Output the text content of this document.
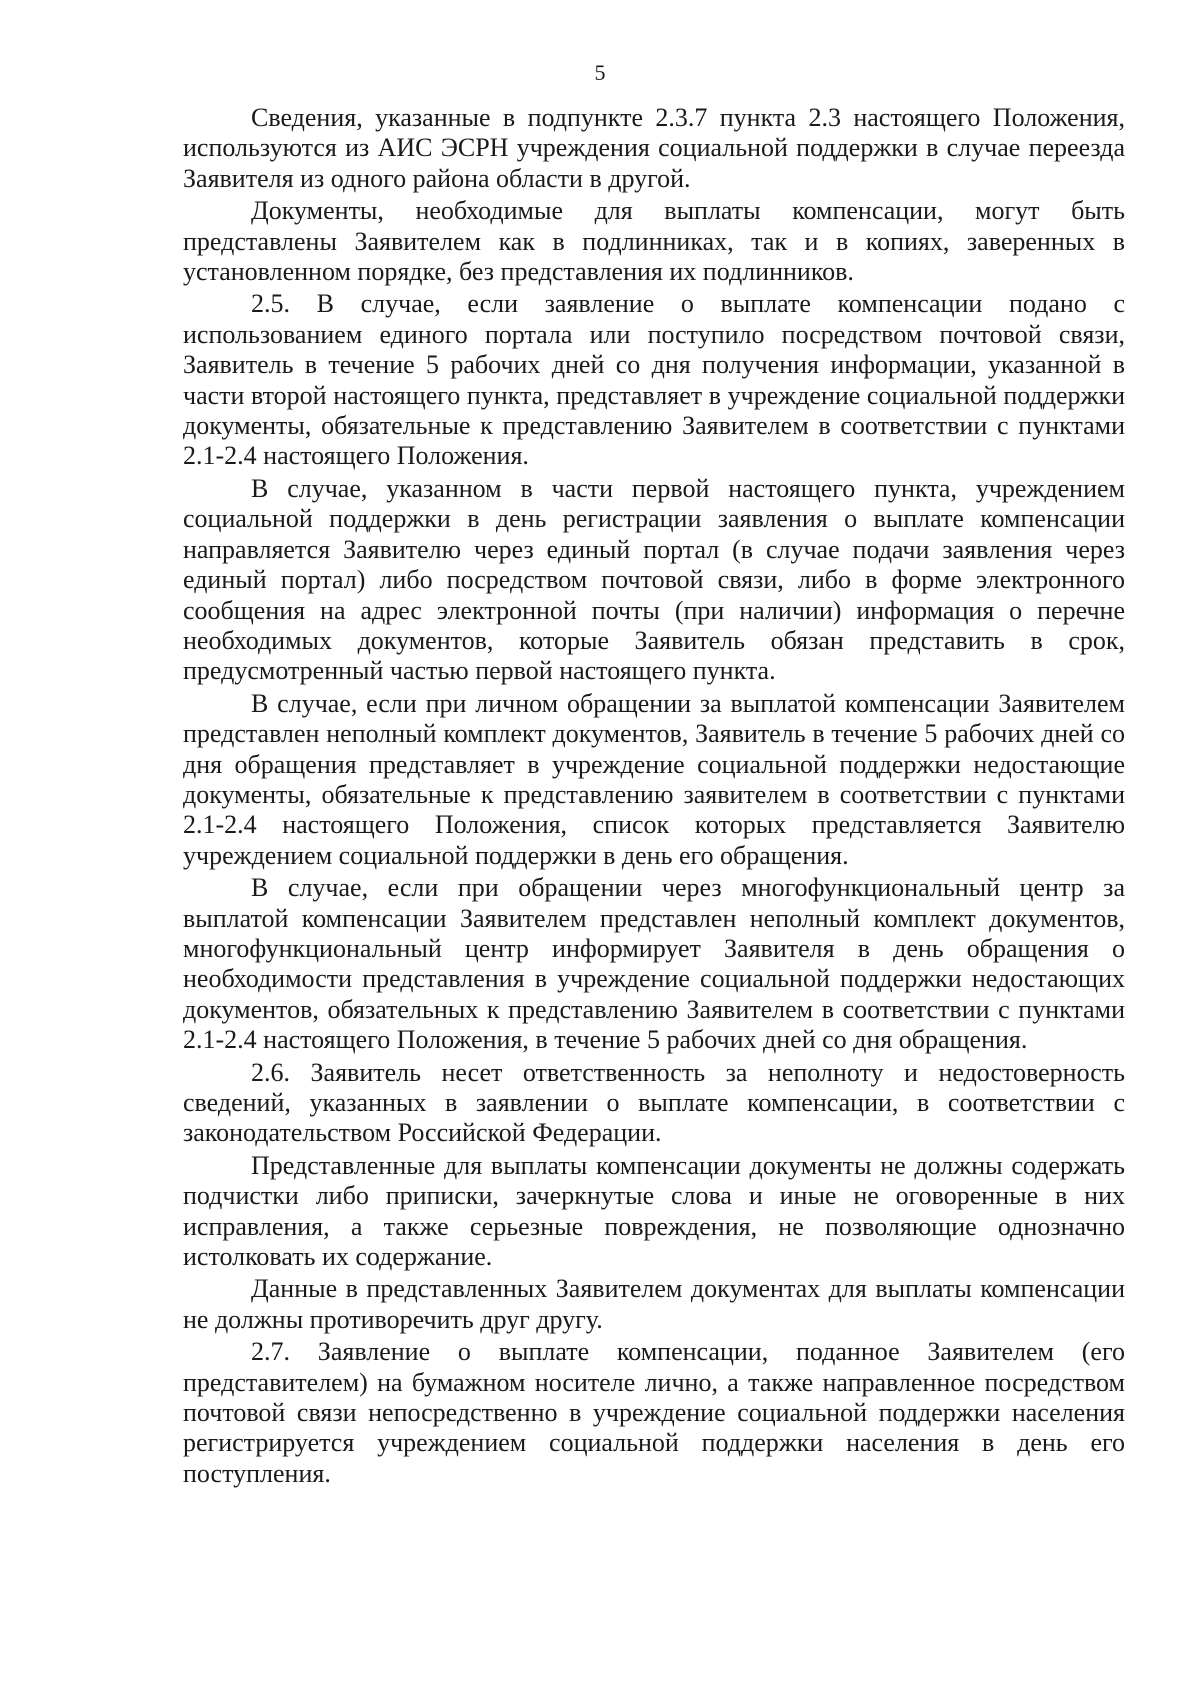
5

Сведения, указанные в подпункте 2.3.7 пункта 2.3 настоящего Положения, используются из АИС ЭСРН учреждения социальной поддержки в случае переезда Заявителя из одного района области в другой.

Документы, необходимые для выплаты компенсации, могут быть представлены Заявителем как в подлинниках, так и в копиях, заверенных в установленном порядке, без представления их подлинников.

2.5. В случае, если заявление о выплате компенсации подано с использованием единого портала или поступило посредством почтовой связи, Заявитель в течение 5 рабочих дней со дня получения информации, указанной в части второй настоящего пункта, представляет в учреждение социальной поддержки документы, обязательные к представлению Заявителем в соответствии с пунктами 2.1-2.4 настоящего Положения.

В случае, указанном в части первой настоящего пункта, учреждением социальной поддержки в день регистрации заявления о выплате компенсации направляется Заявителю через единый портал (в случае подачи заявления через единый портал) либо посредством почтовой связи, либо в форме электронного сообщения на адрес электронной почты (при наличии) информация о перечне необходимых документов, которые Заявитель обязан представить в срок, предусмотренный частью первой настоящего пункта.

В случае, если при личном обращении за выплатой компенсации Заявителем представлен неполный комплект документов, Заявитель в течение 5 рабочих дней со дня обращения представляет в учреждение социальной поддержки недостающие документы, обязательные к представлению заявителем в соответствии с пунктами 2.1-2.4 настоящего Положения, список которых представляется Заявителю учреждением социальной поддержки в день его обращения.

В случае, если при обращении через многофункциональный центр за выплатой компенсации Заявителем представлен неполный комплект документов, многофункциональный центр информирует Заявителя в день обращения о необходимости представления в учреждение социальной поддержки недостающих документов, обязательных к представлению Заявителем в соответствии с пунктами 2.1-2.4 настоящего Положения, в течение 5 рабочих дней со дня обращения.

2.6. Заявитель несет ответственность за неполноту и недостоверность сведений, указанных в заявлении о выплате компенсации, в соответствии с законодательством Российской Федерации.

Представленные для выплаты компенсации документы не должны содержать подчистки либо приписки, зачеркнутые слова и иные не оговоренные в них исправления, а также серьезные повреждения, не позволяющие однозначно истолковать их содержание.

Данные в представленных Заявителем документах для выплаты компенсации не должны противоречить друг другу.

2.7. Заявление о выплате компенсации, поданное Заявителем (его представителем) на бумажном носителе лично, а также направленное посредством почтовой связи непосредственно в учреждение социальной поддержки населения регистрируется учреждением социальной поддержки населения в день его поступления.
